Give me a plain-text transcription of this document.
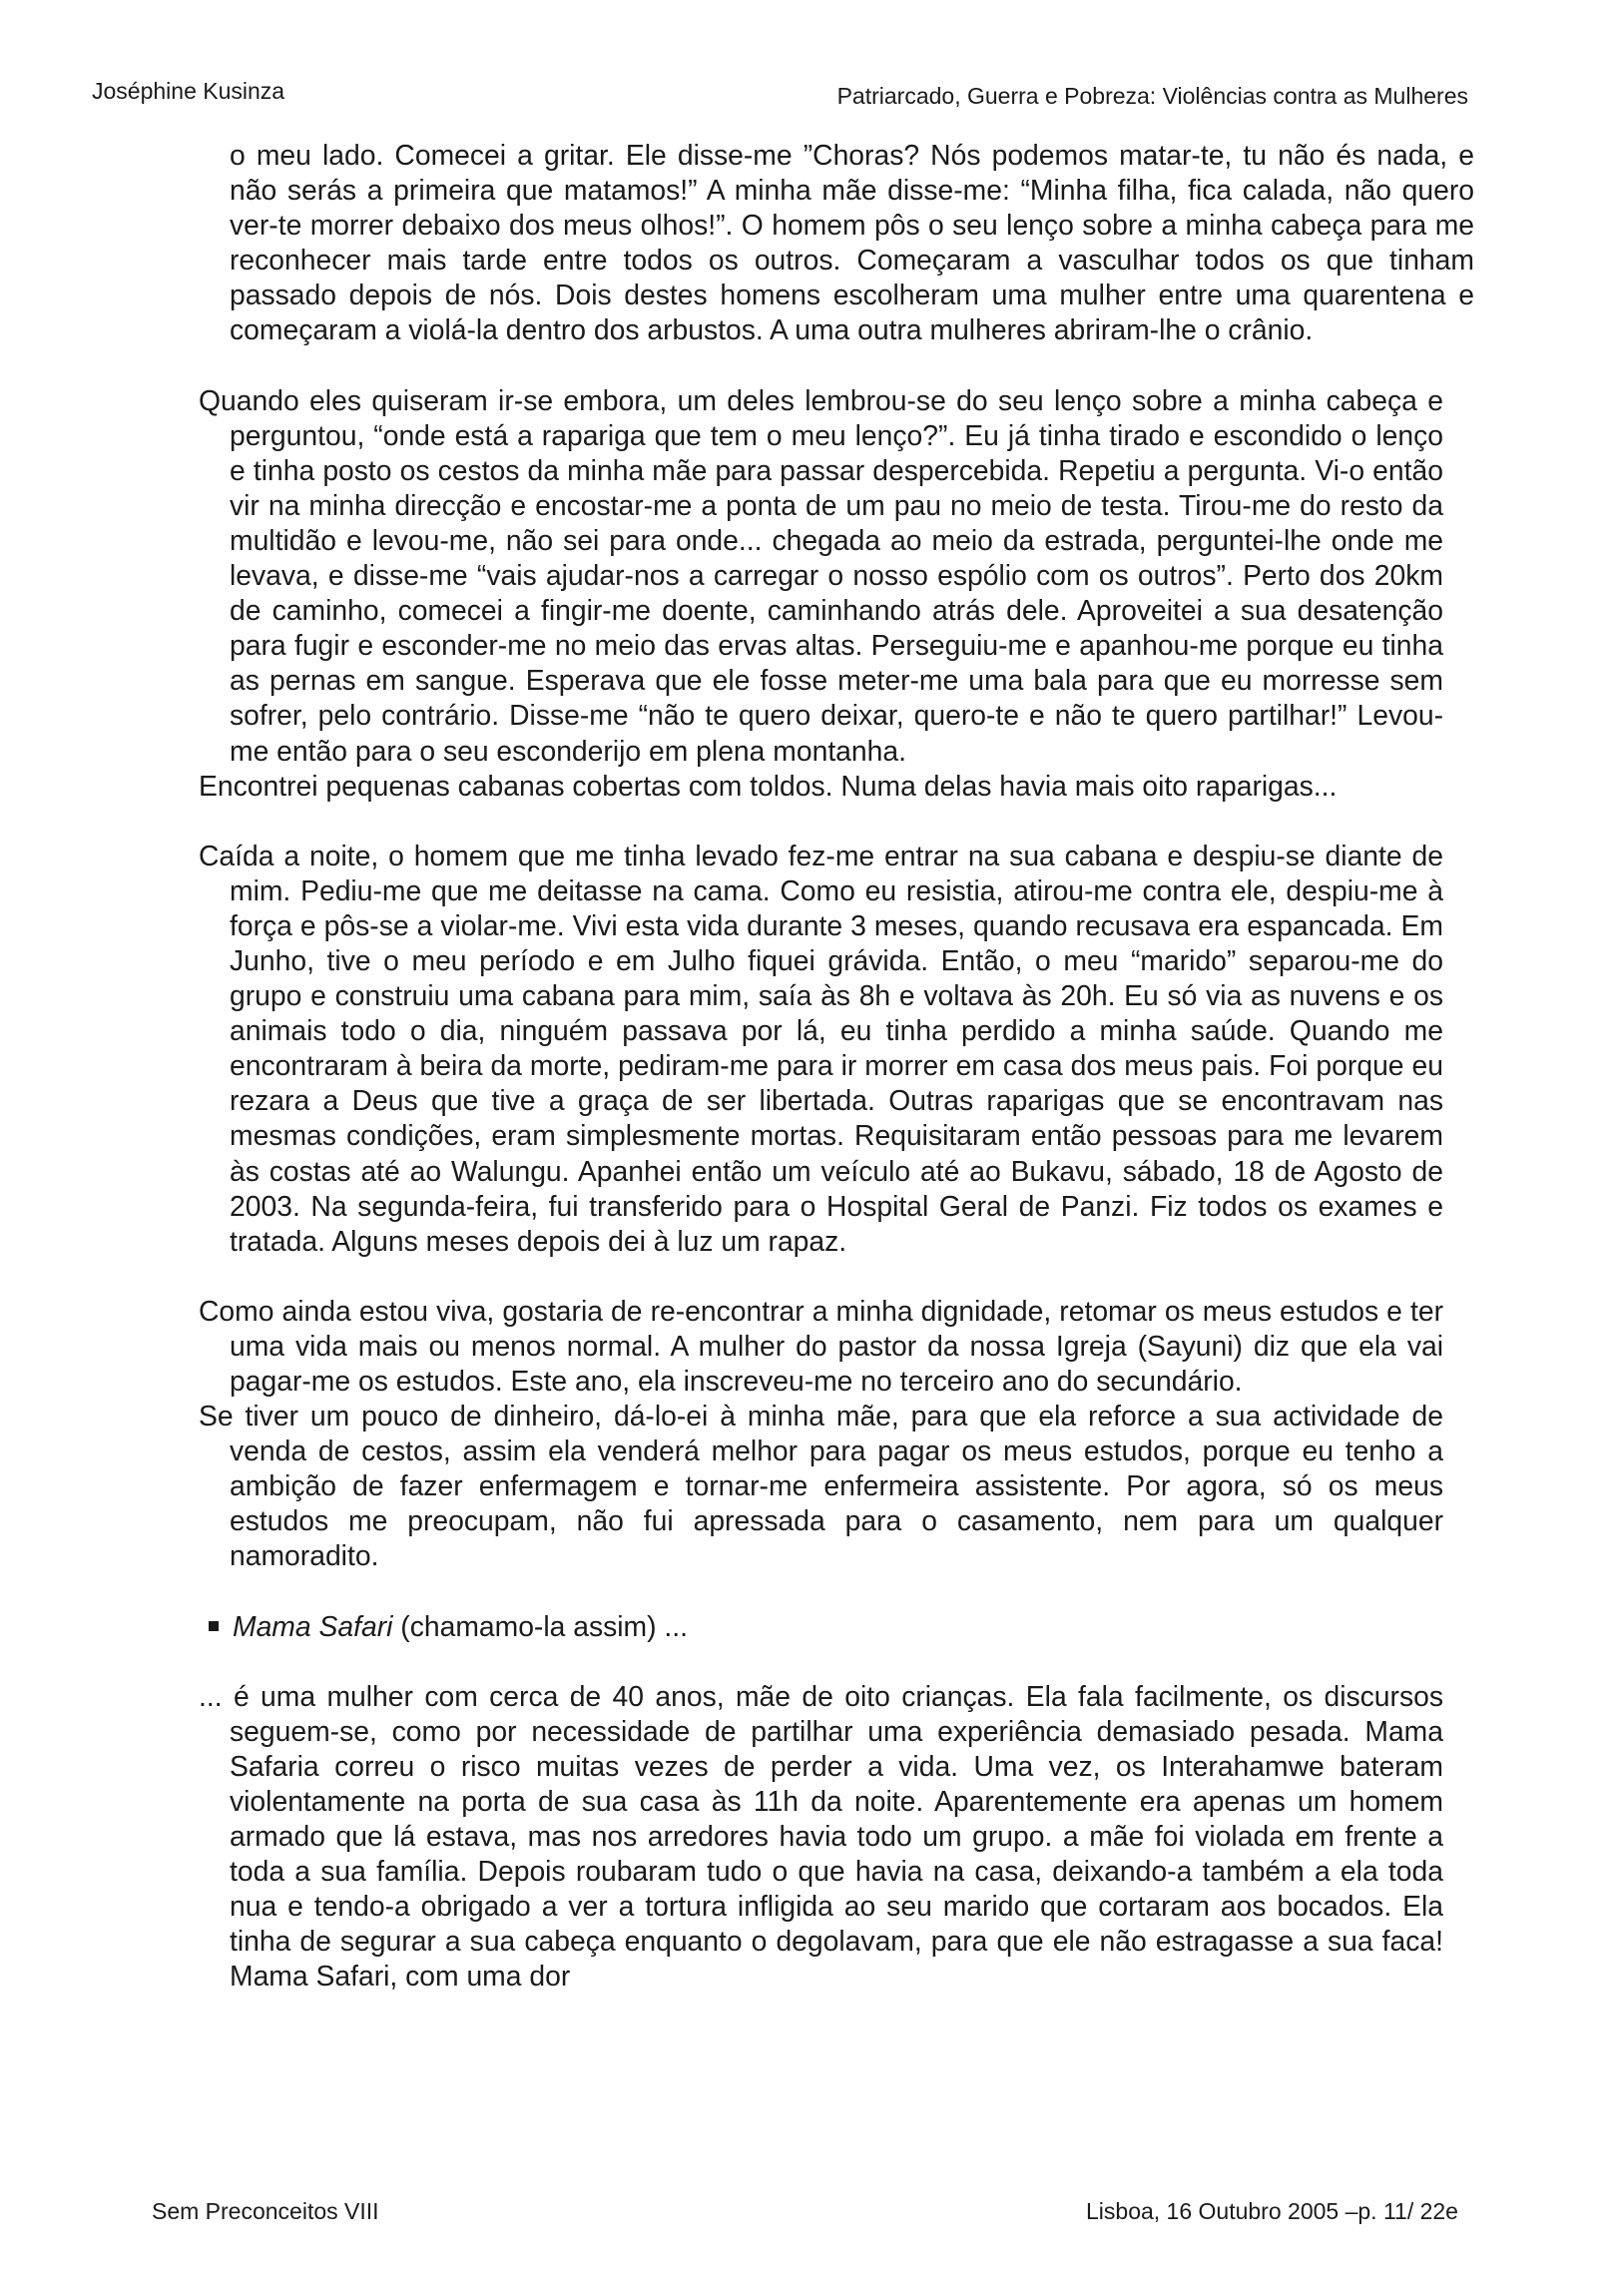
Joséphine Kusinza	Patriarcado, Guerra e Pobreza: Violências contra as Mulheres

o meu lado. Comecei a gritar. Ele disse-me ”Choras? Nós podemos matar-te, tu não és nada, e não serás a primeira que matamos!” A minha mãe disse-me: “Minha filha, fica calada, não quero ver-te morrer debaixo dos meus olhos!”. O homem pôs o seu lenço sobre a minha cabeça para me reconhecer mais tarde entre todos os outros. Começaram a vasculhar todos os que tinham passado depois de nós. Dois destes homens escolheram uma mulher entre uma quarentena e começaram a violá-la dentro dos arbustos. A uma outra mulheres abriram-lhe o crânio.

Quando eles quiseram ir-se embora, um deles lembrou-se do seu lenço sobre a minha cabeça e perguntou, “onde está a rapariga que tem o meu lenço?”. Eu já tinha tirado e escondido o lenço e tinha posto os cestos da minha mãe para passar despercebida. Repetiu a pergunta. Vi-o então vir na minha direcção e encostar-me a ponta de um pau no meio de testa. Tirou-me do resto da multidão e levou-me, não sei para onde... chegada ao meio da estrada, perguntei-lhe onde me levava, e disse-me “vais ajudar-nos a carregar o nosso espólio com os outros”. Perto dos 20km de caminho, comecei a fingir-me doente, caminhando atrás dele. Aproveitei a sua desatenção para fugir e esconder-me no meio das ervas altas. Perseguiu-me e apanhou-me porque eu tinha as pernas em sangue. Esperava que ele fosse meter-me uma bala para que eu morresse sem sofrer, pelo contrário. Disse-me “não te quero deixar, quero-te e não te quero partilhar!” Levou-me então para o seu esconderijo em plena montanha.

Encontrei pequenas cabanas cobertas com toldos. Numa delas havia mais oito raparigas...

Caída a noite, o homem que me tinha levado fez-me entrar na sua cabana e despiu-se diante de mim. Pediu-me que me deitasse na cama. Como eu resistia, atirou-me contra ele, despiu-me à força e pôs-se a violar-me. Vivi esta vida durante 3 meses, quando recusava era espancada. Em Junho, tive o meu período e em Julho fiquei grávida. Então, o meu “marido” separou-me do grupo e construiu uma cabana para mim, saía às 8h e voltava às 20h. Eu só via as nuvens e os animais todo o dia, ninguém passava por lá, eu tinha perdido a minha saúde. Quando me encontraram à beira da morte, pediram-me para ir morrer em casa dos meus pais. Foi porque eu rezara a Deus que tive a graça de ser libertada. Outras raparigas que se encontravam nas mesmas condições, eram simplesmente mortas. Requisitaram então pessoas para me levarem às costas até ao Walungu. Apanhei então um veículo até ao Bukavu, sábado, 18 de Agosto de 2003. Na segunda-feira, fui transferido para o Hospital Geral de Panzi. Fiz todos os exames e tratada. Alguns meses depois dei à luz um rapaz.

Como ainda estou viva, gostaria de re-encontrar a minha dignidade, retomar os meus estudos e ter uma vida mais ou menos normal. A mulher do pastor da nossa Igreja (Sayuni) diz que ela vai pagar-me os estudos. Este ano, ela inscreveu-me no terceiro ano do secundário.

Se tiver um pouco de dinheiro, dá-lo-ei à minha mãe, para que ela reforce a sua actividade de venda de cestos, assim ela venderá melhor para pagar os meus estudos, porque eu tenho a ambição de fazer enfermagem e tornar-me enfermeira assistente. Por agora, só os meus estudos me preocupam, não fui apressada para o casamento, nem para um qualquer namoradito.

Mama Safari (chamamo-la assim) ...

... é uma mulher com cerca de 40 anos, mãe de oito crianças. Ela fala facilmente, os discursos seguem-se, como por necessidade de partilhar uma experiência demasiado pesada. Mama Safaria correu o risco muitas vezes de perder a vida. Uma vez, os Interahamwe bateram violentamente na porta de sua casa às 11h da noite. Aparentemente era apenas um homem armado que lá estava, mas nos arredores havia todo um grupo. a mãe foi violada em frente a toda a sua família. Depois roubaram tudo o que havia na casa, deixando-a também a ela toda nua e tendo-a obrigado a ver a tortura infligida ao seu marido que cortaram aos bocados. Ela tinha de segurar a sua cabeça enquanto o degolavam, para que ele não estragasse a sua faca! Mama Safari, com uma dor

Sem Preconceitos VIII	Lisboa, 16 Outubro 2005 –p. 11/ 22e
